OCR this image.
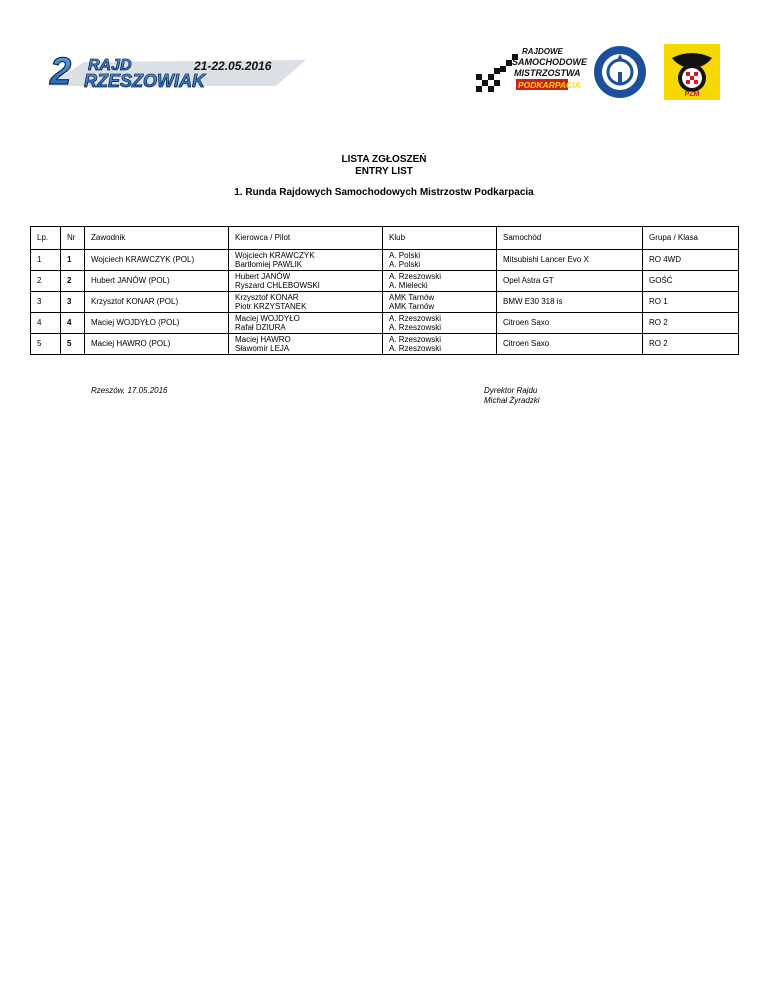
2 RAJD
RZESZOWIAK
21-22.05.2016
RAJDOWE
SAMOCHODOWE
MISTRZOSTWA
PODKARPACIA
PZM
LISTA ZGŁOSZEŃ
ENTRY LIST
1. Runda Rajdowych Samochodowych Mistrzostw Podkarpacia
Lp.	Nr	Zawodnik	Kierowca / Pilot	Klub	Samochód	Grupa / Klasa
1	1	Wojciech KRAWCZYK (POL)	Wojciech KRAWCZYK
Bartłomiej PAWLIK	A. Polski
A. Polski	Mitsubishi Lancer Evo X	RO 4WD
2	2	Hubert JANÓW (POL)	Hubert JANÓW
Ryszard CHLEBOWSKI	A. Rzeszowski
A. Mielecki	Opel Astra GT	GOŚĆ
3	3	Krzysztof KONAR (POL)	Krzysztof KONAR
Piotr KRZYSTANEK	AMK Tarnów
AMK Tarnów	BMW E30 318 is	RO 1
4	4	Maciej WOJDYŁO (POL)	Maciej WOJDYŁO
Rafał DZIURA	A. Rzeszowski
A. Rzeszowski	Citroen Saxo	RO 2
5	5	Maciej HAWRO (POL)	Maciej HAWRO
Sławomir LEJA	A. Rzeszowski
A. Rzeszowski	Citroen Saxo	RO 2
Rzeszów, 17.05.2016	Dyrektor Rajdu
Michał Żyradzki
